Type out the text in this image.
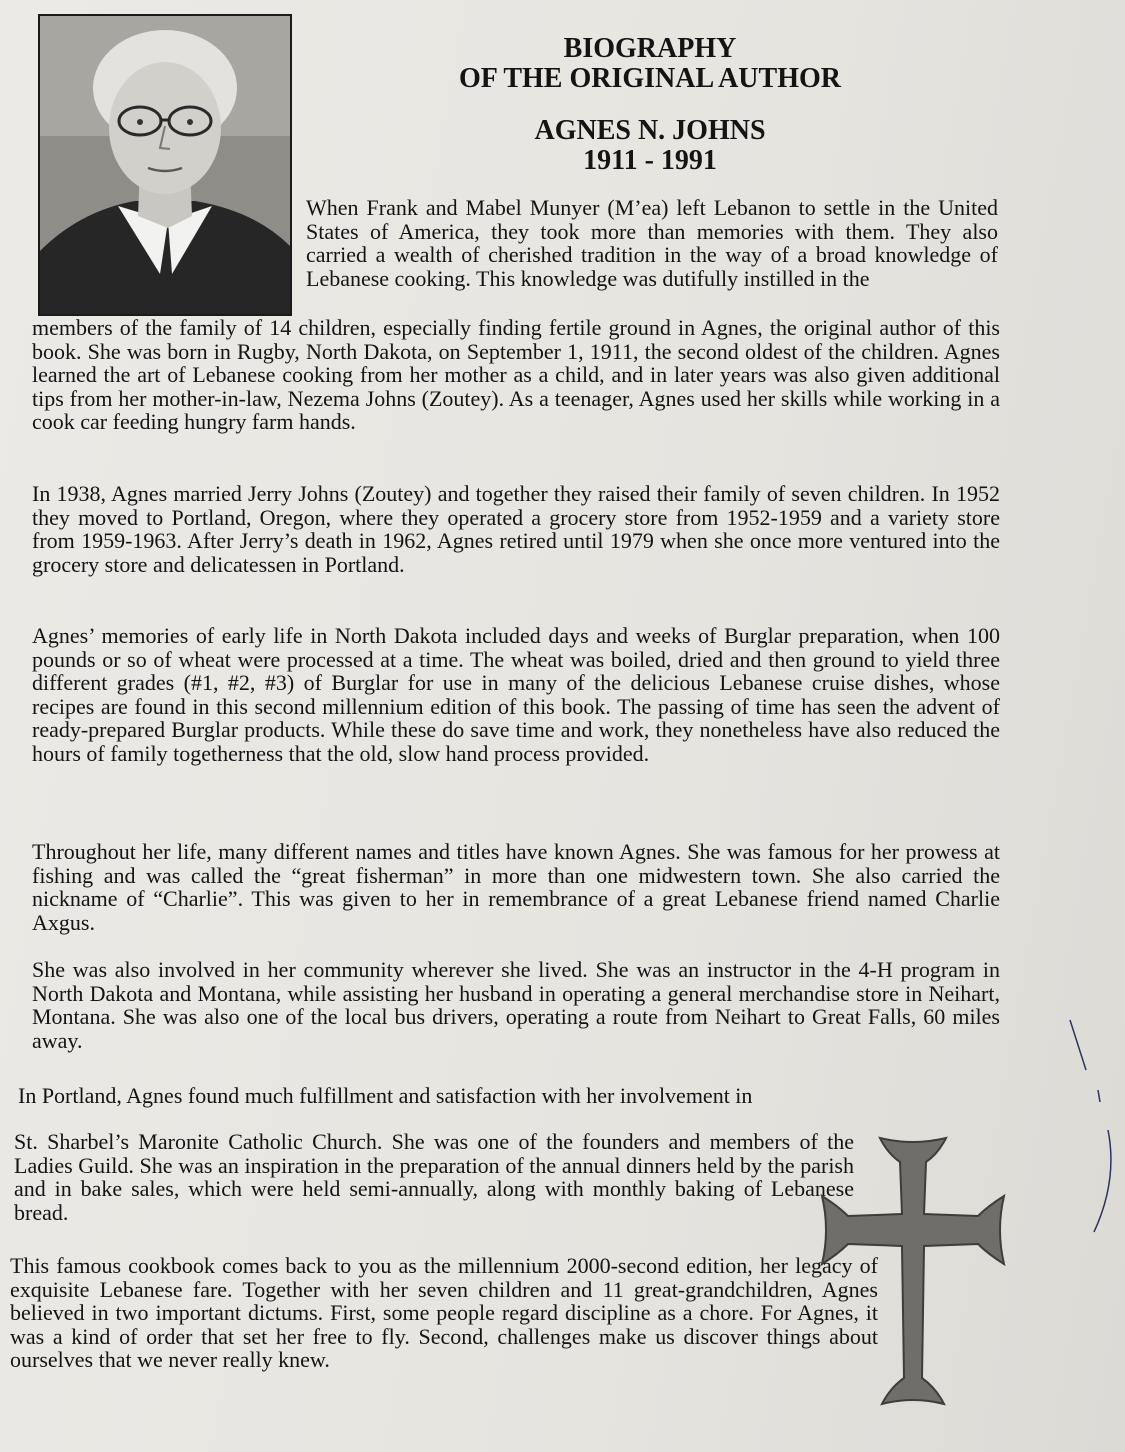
BIOGRAPHY
OF THE ORIGINAL AUTHOR
AGNES N. JOHNS
1911 - 1991

When Frank and Mabel Munyer (M’ea) left Lebanon to settle in the United States of America, they took more than memories with them. They also carried a wealth of cherished tradition in the way of a broad knowledge of Lebanese cooking. This knowledge was dutifully instilled in the

members of the family of 14 children, especially finding fertile ground in Agnes, the original author of this book. She was born in Rugby, North Dakota, on September 1, 1911, the second oldest of the children. Agnes learned the art of Lebanese cooking from her mother as a child, and in later years was also given additional tips from her mother-in-law, Nezema Johns (Zoutey). As a teenager, Agnes used her skills while working in a cook car feeding hungry farm hands.

In 1938, Agnes married Jerry Johns (Zoutey) and together they raised their family of seven children. In 1952 they moved to Portland, Oregon, where they operated a grocery store from 1952-1959 and a variety store from 1959-1963. After Jerry’s death in 1962, Agnes retired until 1979 when she once more ventured into the grocery store and delicatessen in Portland.

Agnes’ memories of early life in North Dakota included days and weeks of Burglar preparation, when 100 pounds or so of wheat were processed at a time. The wheat was boiled, dried and then ground to yield three different grades (#1, #2, #3) of Burglar for use in many of the delicious Lebanese cruise dishes, whose recipes are found in this second millennium edition of this book. The passing of time has seen the advent of ready-prepared Burglar products. While these do save time and work, they nonetheless have also reduced the hours of family togetherness that the old, slow hand process provided.

Throughout her life, many different names and titles have known Agnes. She was famous for her prowess at fishing and was called the “great fisherman” in more than one midwestern town. She also carried the nickname of “Charlie”. This was given to her in remembrance of a great Lebanese friend named Charlie Axgus.

She was also involved in her community wherever she lived. She was an instructor in the 4-H program in North Dakota and Montana, while assisting her husband in operating a general merchandise store in Neihart, Montana. She was also one of the local bus drivers, operating a route from Neihart to Great Falls, 60 miles away.

In Portland, Agnes found much fulfillment and satisfaction with her involvement in

St. Sharbel’s Maronite Catholic Church. She was one of the founders and members of the Ladies Guild. She was an inspiration in the preparation of the annual dinners held by the parish and in bake sales, which were held semi-annually, along with monthly baking of Lebanese bread.

This famous cookbook comes back to you as the millennium 2000-second edition, her legacy of exquisite Lebanese fare. Together with her seven children and 11 great-grandchildren, Agnes believed in two important dictums. First, some people regard discipline as a chore. For Agnes, it was a kind of order that set her free to fly. Second, challenges make us discover things about ourselves that we never really knew.
